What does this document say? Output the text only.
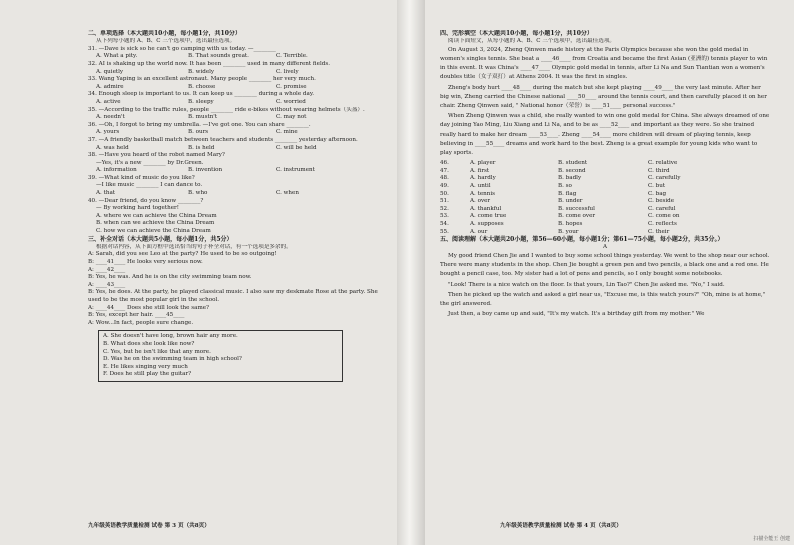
二、单项选择（本大题共10小题，每小题1分，共10分）
从下列每小题的 A、B、C 三个选项中，选出最佳选项。
31. —Dave is sick so he can't go camping with us today. —________
A. What a pity.	B. That sounds great.	C. Terrible.
32. AI is shaking up the world now. It has been ________ used in many different fields.
A. quietly	B. widely	C. lively
33. Wang Yaping is an excellent astronaut. Many people ________ her very much.
A. admire	B. choose	C. promise
34. Enough sleep is important to us. It can keep us ________ during a whole day.
A. active	B. sleepy	C. worried
35. —According to the traffic rules, people ________ ride e-bikes without wearing helmets（头盔）.
A. needn't	B. mustn't	C. may not
36. —Oh, I forgot to bring my umbrella. —I've got one. You can share ________.
A. yours	B. ours	C. mine
37. —A friendly basketball match between teachers and students ________ yesterday afternoon.
A. was held	B. is held	C. will be held
38. —Have you heard of the robot named Mary?
—Yes, it's a new ________ by Dr.Green.
A. information	B. invention	C. instrument
39. —What kind of music do you like?
—I like music ________ I can dance to.
A. that	B. who	C. when
40. —Dear friend, do you know ________?
— By working hard together!
A. where we can achieve the China Dream
B. when can we achieve the China Dream
C. how we can achieve the China Dream
三、补全对话（本大题共5小题，每小题1分，共5分）
根据对话内容，从下面方框中选出恰当的句子补全对话，有一个选项是多余的。
A: Sarah, did you see Leo at the party? He used to be so outgoing!
B: ____41____ He looks very serious now.
A: ____42____
B: Yes, he was. And he is on the city swimming team now.
A: ____43____
B: Yes, he does. At the party, he played classical music. I also saw my deskmate Rose at the party. She used to be the most popular girl in the school.
A: ____44____ Does she still look the same?
B: Yes, except her hair. ____45____
A: Wow...In fact, people sure change.
A. She doesn't have long, brown hair any more.
B. What does she look like now?
C. Yes, but he isn't like that any more.
D. Was he on the swimming team in high school?
E. He likes singing very much
F. Does he still play the guitar?
九年级英语教学质量检测 试卷 第 3 页（共8页）
四、完形填空（本大题共10小题，每小题1分，共10分）
阅读下面短文，从每小题的 A、B、C 三个选项中，选出最佳选项。

On August 3, 2024, Zheng Qinwen made history at the Paris Olympics because she won the gold medal in women's singles tennis. She beat a ____46____ from Croatia and became the first Asian (亚洲的) tennis player to win in this event. It was China's ____47____ Olympic gold medal in tennis, after Li Na and Sun Tiantian won a women's doubles title（女子双打）at Athens 2004. It was the first in singles.

Zheng's body hurt ____48____ during the match but she kept playing ____49____ the very last minute. After her big win, Zheng carried the Chinese national ____50____ around the tennis court, and then carefully placed it on her chair. Zheng Qinwen said, " National honor（荣誉）is ____51____ personal success."

When Zheng Qinwen was a child, she really wanted to win one gold medal for China. She always dreamed of one day joining Yao Ming, Liu Xiang and Li Na, and to be as ____52____ and important as they were. So she trained really hard to make her dream ____53____. Zheng ____54____ more children will dream of playing tennis, keep believing in ____55____ dreams and work hard to the best. Zheng is a great example for young kids who want to play sports.

46.	A. player	B. student	C. relative
47.	A. first	B. second	C. third
48.	A. hardly	B. badly	C. carefully
49.	A. until	B. so	C. but
50.	A. tennis	B. flag	C. bag
51.	A. over	B. under	C. beside
52.	A. thankful	B. successful	C. careful
53.	A. come true	B. come over	C. come on
54.	A. supposes	B. hopes	C. reflects
55.	A. our	B. your	C. their
五、阅读理解（本大题共20小题，第56—60小题，每小题1分；第61—75小题，每小题2分，共35分。）
A

My good friend Chen Jie and I wanted to buy some school things yesterday. We went to the shop near our school. There were many students in the shop. Chen Jie bought a green pen and two pencils, a black one and a red one. He bought a pencil case, too. My sister had a lot of pens and pencils, so I only bought some notebooks.

"Look! There is a nice watch on the floor. Is that yours, Lin Tao?" Chen Jie asked me. "No," I said.

Then he picked up the watch and asked a girl near us, "Excuse me, is this watch yours?" "Oh, mine is at home," the girl answered.

Just then, a boy came up and said, "It's my watch. It's a birthday gift from my mother." We

九年级英语教学质量检测 试卷 第 4 页（共8页）
扫描全能王 创建
